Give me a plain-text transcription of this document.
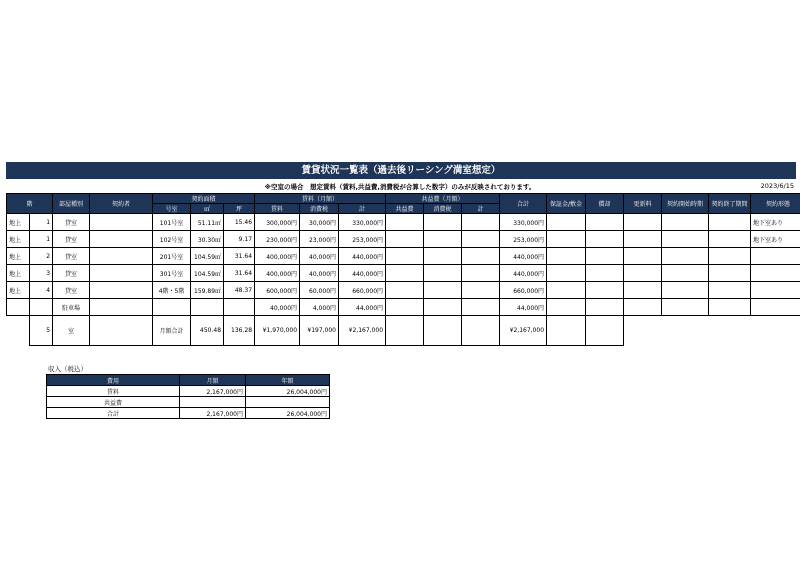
賃貸状況一覧表（過去後リーシング満室想定）
※空室の場合　想定賃料（賃料,共益費,消費税が合算した数字）のみが反映されております。	2023/6/15
階		部屋種別	契約者	契約面積			賃料（月額）			共益費（月額）			合計	保証金/敷金	償却	更新料	契約開始時期	契約終了期間	契約形態
				号室	㎡	坪	賃料	消費税	計	共益費	消費税	計							
地上	1	貸室		101号室	51.11㎡	15.46	300,000円	30,000円	330,000円				330,000円						地下室あり
地上	1	貸室		102号室	30.30㎡	9.17	230,000円	23,000円	253,000円				253,000円						地下室あり
地上	2	貸室		201号室	104.59㎡	31.64	400,000円	40,000円	440,000円				440,000円						
地上	3	貸室		301号室	104.59㎡	31.64	400,000円	40,000円	440,000円				440,000円						
地上	4	貸室		4階・5階	159.89㎡	48.37	600,000円	60,000円	660,000円				660,000円						
		駐車場					40,000円	4,000円	44,000円				44,000円						
	5	室		月額合計	450.48	136.28	¥1,970,000	¥197,000	¥2,167,000				¥2,167,000						
収入（税込）
費用	月額	年額
賃料	2,167,000円	26,004,000円
共益費		
合計	2,167,000円	26,004,000円
